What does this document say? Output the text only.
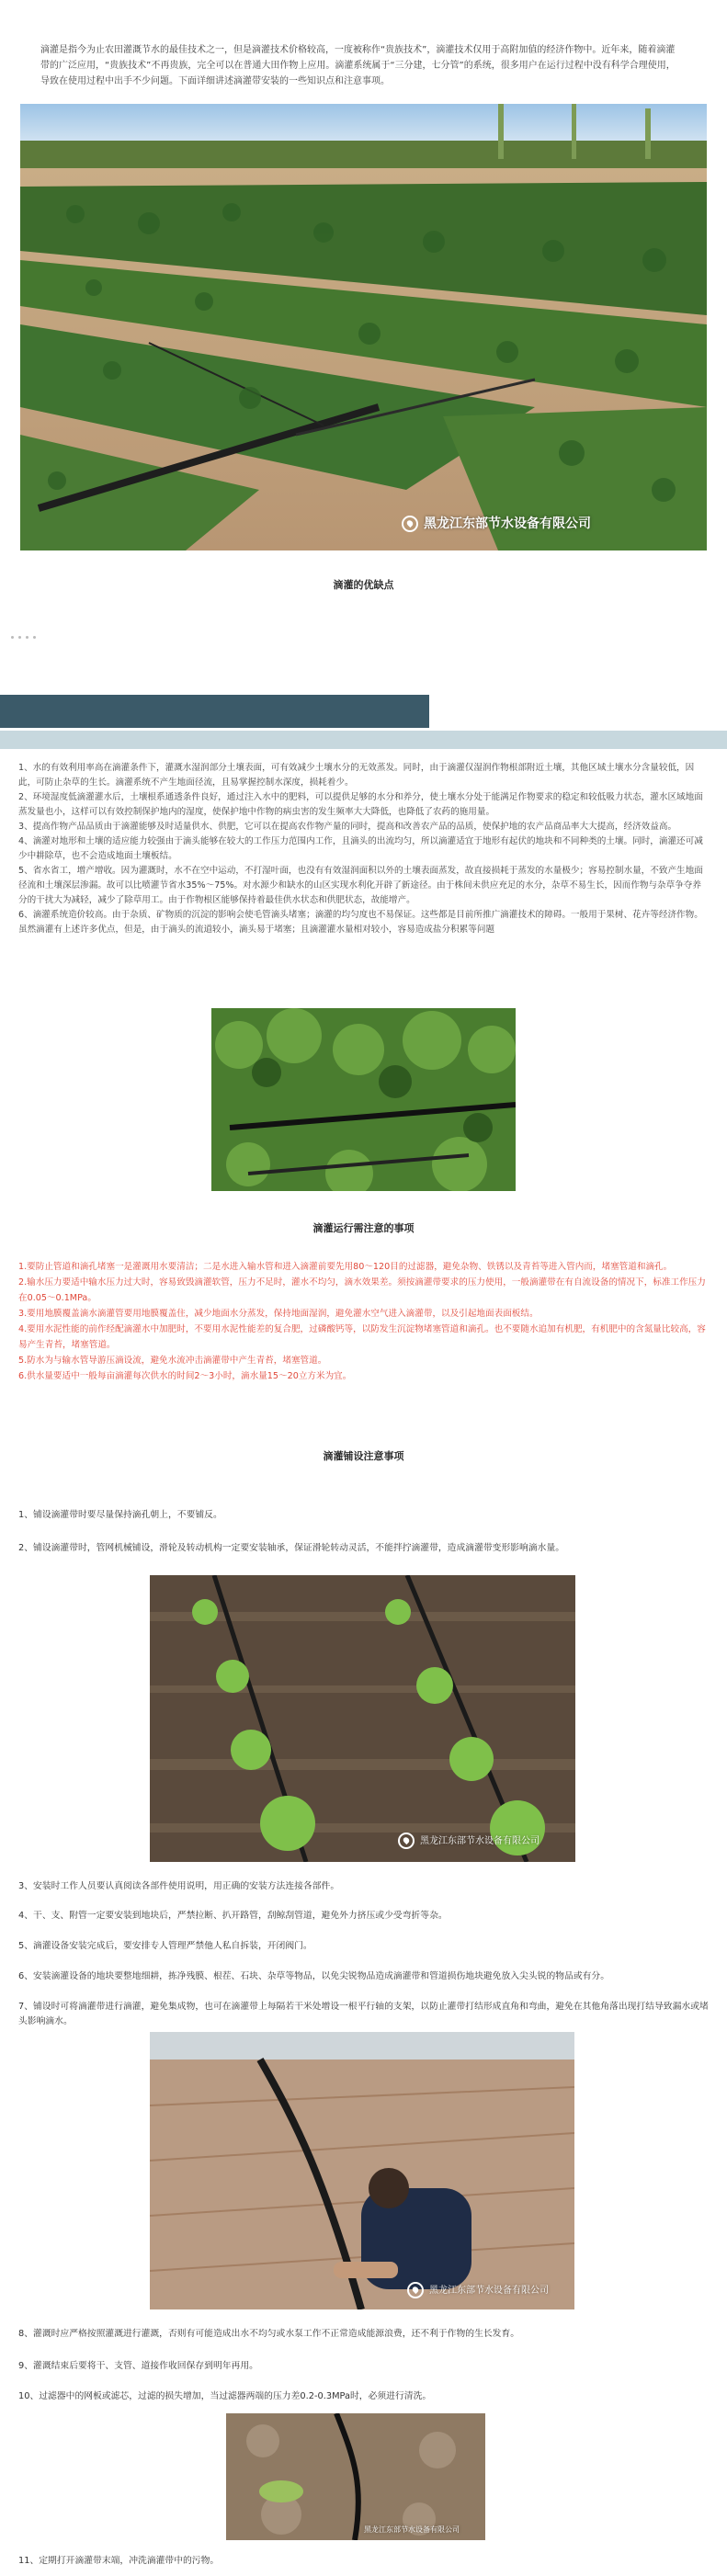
滴灌是指今为止农田灌溉节水的最佳技术之一，但是滴灌技术价格较高，一度被称作“贵族技术”，滴灌技术仅用于高附加值的经济作物中。近年来，随着滴灌带的广泛应用，“贵族技术”不再贵族，完全可以在普通大田作物上应用。滴灌系统属于“三分建，七分管”的系统，很多用户在运行过程中没有科学合理使用，导致在使用过程中出手不少问题。下面详细讲述滴灌带安装的一些知识点和注意事项。

黑龙江东部节水设备有限公司
滴灌的优缺点

1、水的有效利用率高在滴灌条件下，灌溉水湿润部分土壤表面，可有效减少土壤水分的无效蒸发。同时，由于滴灌仅湿润作物根部附近土壤，其他区域土壤水分含量较低，因此，可防止杂草的生长。滴灌系统不产生地面径流，且易掌握控制水深度，损耗着少。

2、环境湿度低滴灌灌水后，土壤根系通透条件良好，通过注入水中的肥料，可以提供足够的水分和养分，使土壤水分处于能满足作物要求的稳定和较低吸力状态，灌水区域地面蒸发量也小，这样可以有效控制保护地内的湿度，使保护地中作物的病虫害的发生频率大大降低，也降低了农药的施用量。

3、提高作物产品品质由于滴灌能够及时适量供水、供肥，它可以在提高农作物产量的同时，提高和改善农产品的品质，使保护地的农产品商品率大大提高，经济效益高。

4、滴灌对地形和土壤的适应能力较强由于滴头能够在较大的工作压力范围内工作，且滴头的出流均匀，所以滴灌适宜于地形有起伏的地块和不同种类的土壤。同时，滴灌还可减少中耕除草，也不会造成地面土壤板结。

5、省水省工，增产增收。因为灌溉时，水不在空中运动，不打湿叶面，也没有有效湿润面积以外的土壤表面蒸发，故直接损耗于蒸发的水量极少；容易控制水量，不致产生地面径流和土壤深层渗漏。故可以比喷灌节省水35%～75%。对水源少和缺水的山区实现水利化开辟了新途径。由于株间未供应充足的水分，杂草不易生长，因而作物与杂草争夺养分的干扰大为减轻，减少了除草用工。由于作物根区能够保持着最佳供水状态和供肥状态，故能增产。

6、滴灌系统造价较高。由于杂质、矿物质的沉淀的影响会使毛管滴头堵塞；滴灌的均匀度也不易保证。这些都是目前所推广滴灌技术的障碍。一般用于果树、花卉等经济作物。虽然滴灌有上述许多优点，但是，由于滴头的流道较小，滴头易于堵塞；且滴灌灌水量相对较小，容易造成盐分积累等问题

滴灌运行需注意的事项

1.要防止管道和滴孔堵塞一是灌溉用水要清洁；二是水进入输水管和进入滴灌前要先用80～120目的过滤器，避免杂物、铁锈以及青苔等进入管内而，堵塞管道和滴孔。

2.输水压力要适中输水压力过大时，容易致毁滴灌软管，压力不足时，灌水不均匀，滴水效果差。须按滴灌带要求的压力使用，一般滴灌带在有自流设备的情况下，标准工作压力在0.05～0.1MPa。

3.要用地膜覆盖滴水滴灌管要用地膜覆盖住，减少地面水分蒸发，保持地面湿润，避免灌水空气进入滴灌带，以及引起地面表面板结。

4.要用水泥性能的前作经配滴灌水中加肥时，不要用水泥性能差的复合肥，过磷酸钙等，以防发生沉淀物堵塞管道和滴孔。也不要随水追加有机肥，有机肥中的含氮量比较高，容易产生青苔，堵塞管道。

5.防水为与输水管导游压滴设流，避免水流冲击滴灌带中产生青苔，堵塞管道。

6.供水量要适中一般每亩滴灌每次供水的时间2～3小时，滴水量15～20立方米为宜。

滴灌铺设注意事项
1、铺设滴灌带时要尽量保持滴孔朝上，不要铺反。
2、铺设滴灌带时，管网机械铺设，滑轮及转动机构一定要安装轴承，保证滑轮转动灵活，不能拌拧滴灌带，造成滴灌带变形影响滴水量。
黑龙江东部节水设备有限公司
3、安装时工作人员要认真阅读各部件使用说明，用正确的安装方法连接各部件。
4、干、支、附管一定要安装到地块后，严禁拉断、扒开路管，刮鲸刮管道，避免外力挤压或少受弯折等杂。
5、滴灌设备安装完成后，要安排专人管理严禁他人私自拆装，开闭阀门。
6、安装滴灌设备的地块要整地细耕，拣净残膜、根茬、石块、杂草等物品，以免尖锐物品造成滴灌带和管道损伤地块避免放入尖头锐的物品或有分。
7、铺设时可将滴灌带进行滴灌，避免集成物，也可在滴灌带上每隔若干米处增设一根平行轴的支架，以防止灌带打结形成直角和弯曲，避免在其他角落出现打结导致漏水或堵头影响滴水。
黑龙江东部节水设备有限公司
8、灌溉时应严格按照灌溉进行灌溉，否则有可能造成出水不均匀或水泵工作不正常造成能源浪费，还不利于作物的生长发育。
9、灌溉结束后要将干、支管、道接作收回保存到明年再用。
10、过滤器中的网板或滤芯，过滤的损失增加，当过滤器两端的压力差0.2-0.3MPa时，必须进行清洗。
黑龙江东部节水设备有限公司
11、定期打开滴灌带末端，冲洗滴灌带中的污物。
